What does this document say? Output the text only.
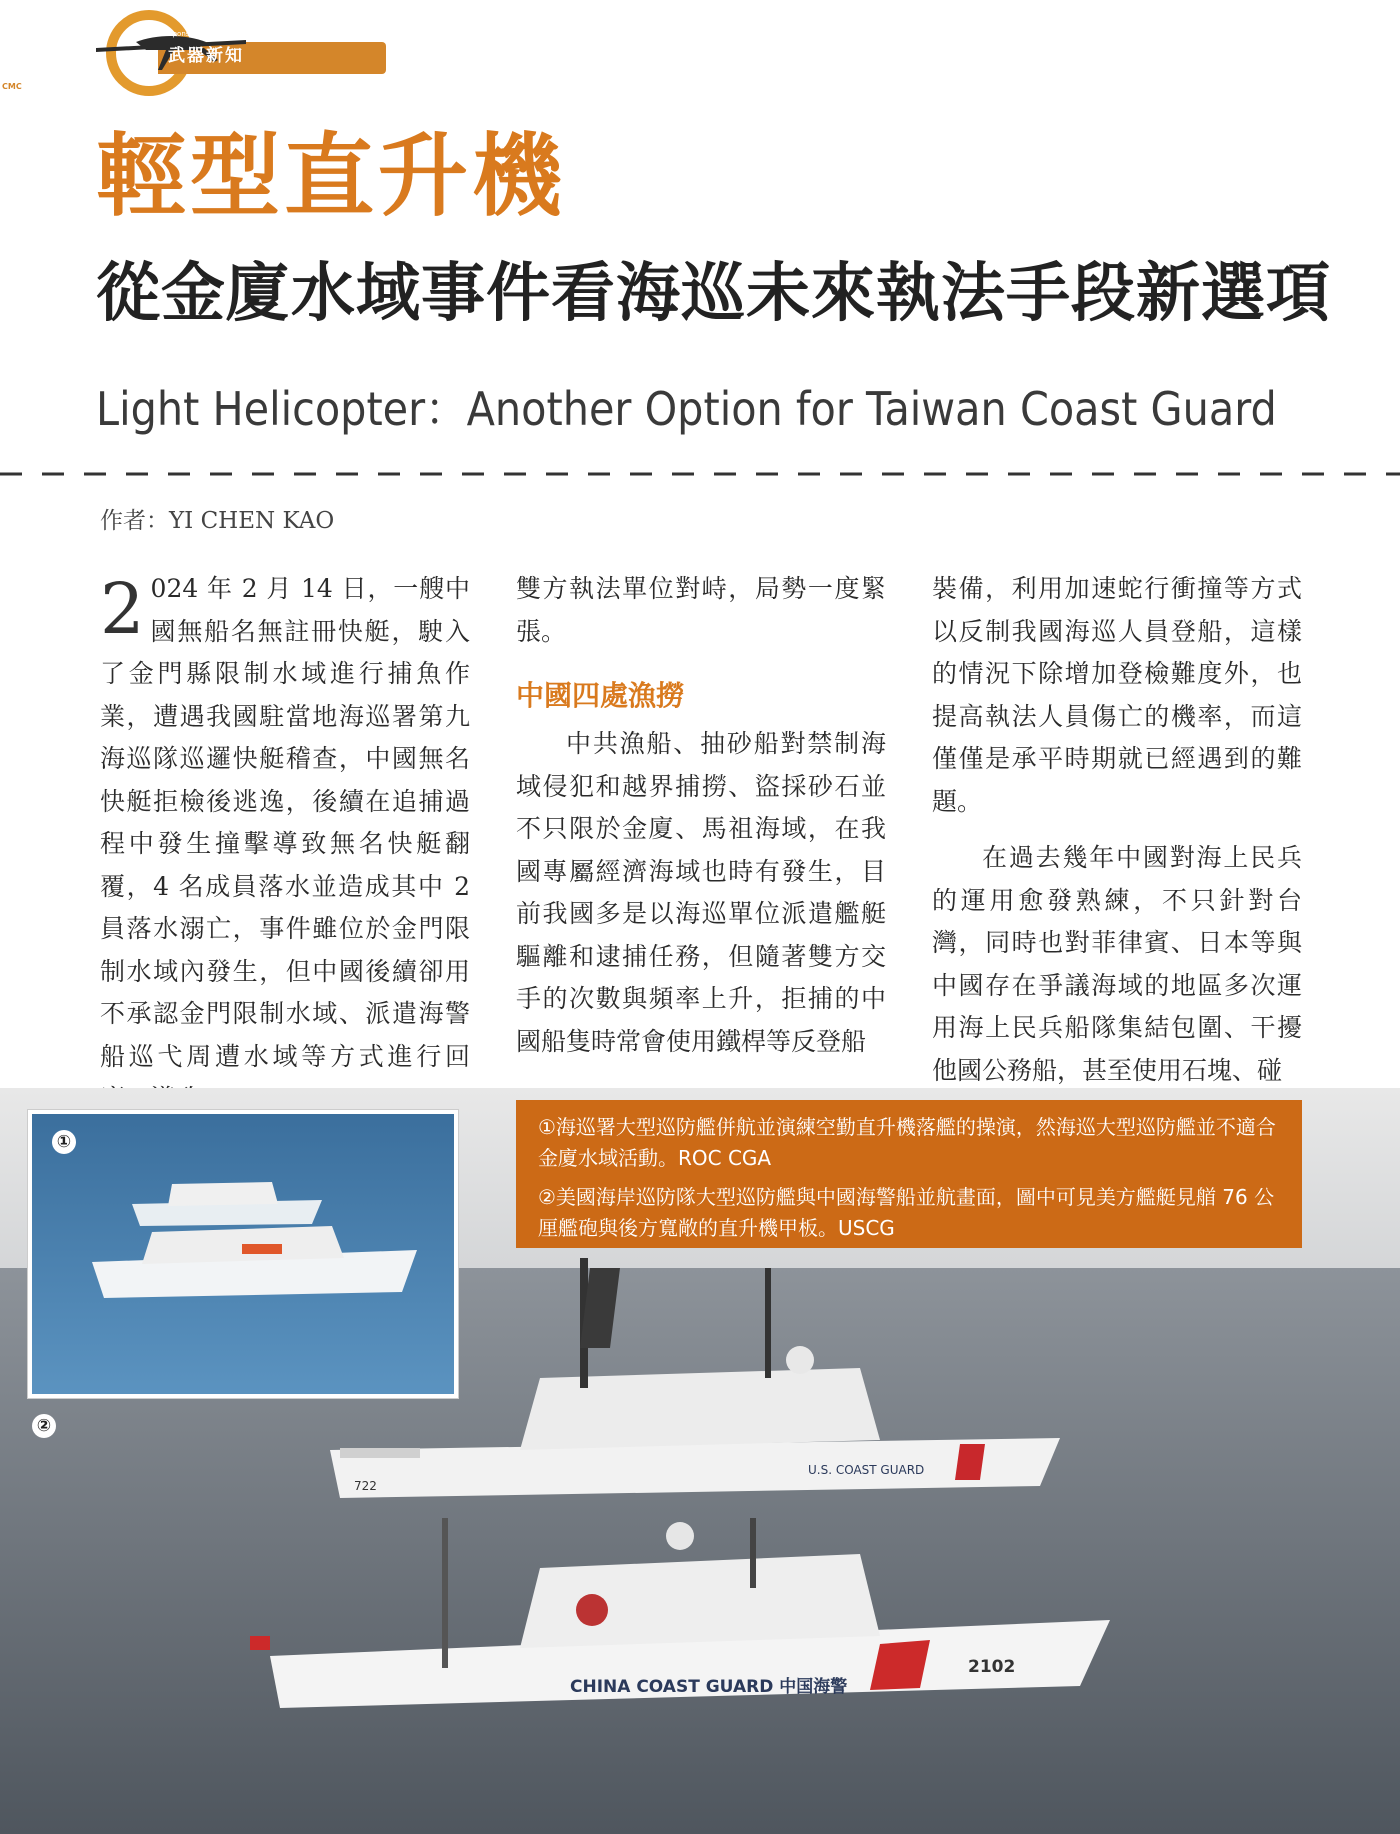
New Weapons Generation
武器新知
CMC
輕型直升機
從金廈水域事件看海巡未來執法手段新選項
Light Helicopter：Another Option for Taiwan Coast Guard
作者：YI CHEN KAO

2 024 年 2 月 14 日，一艘中國無船名無註冊快艇，駛入了金門縣限制水域進行捕魚作業，遭遇我國駐當地海巡署第九海巡隊巡邏快艇稽查，中國無名快艇拒檢後逃逸，後續在追捕過程中發生撞擊導致無名快艇翻覆，4 名成員落水並造成其中 2 員落水溺亡，事件雖位於金門限制水域內發生，但中國後續卻用不承認金門限制水域、派遣海警船巡弋周遭水域等方式進行回

雙方執法單位對峙，局勢一度緊張。

中國四處漁撈

中共漁船、抽砂船對禁制海域侵犯和越界捕撈、盜採砂石並不只限於金廈、馬祖海域，在我國專屬經濟海域也時有發生，目前我國多是以海巡單位派遣艦艇驅離和逮捕任務，但隨著雙方交手的次數與頻率上升，拒捕的中國船隻時常會使用鐵桿等反登船

裝備，利用加速蛇行衝撞等方式以反制我國海巡人員登船，這樣的情況下除增加登檢難度外，也提高執法人員傷亡的機率，而這僅僅是承平時期就已經遇到的難題。

在過去幾年中國對海上民兵的運用愈發熟練，不只針對台灣，同時也對菲律賓、日本等與中國存在爭議海域的地區多次運用海上民兵船隊集結包圍、干擾他國公務船，甚至使用石塊、碰

U.S. COAST GUARD
722
CHINA COAST GUARD 中国海警
2102
①
②

①海巡署大型巡防艦併航並演練空勤直升機落艦的操演，然海巡大型巡防艦並不適合金廈水域活動。ROC CGA

②美國海岸巡防隊大型巡防艦與中國海警船並航畫面，圖中可見美方艦艇見艏 76 公厘艦砲與後方寬敞的直升機甲板。USCG
